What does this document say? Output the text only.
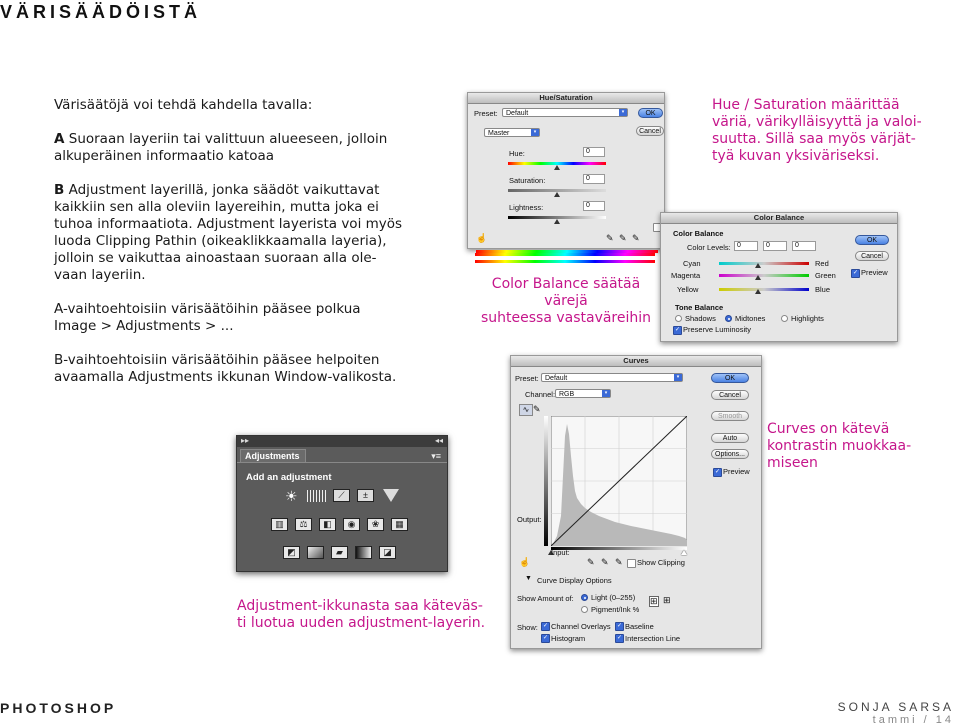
VÄRISÄÄDÖISTÄ
Värisäätöjä voi tehdä kahdella tavalla:
A Suoraan layeriin tai valittuun alueeseen, jolloin
alkuperäinen informaatio katoaa
B Adjustment layerillä, jonka säädöt vaikuttavat
kaikkiin sen alla oleviin layereihin, mutta joka ei
tuhoa informaatiota. Adjustment layerista voi myös
luoda Clipping Pathin (oikeaklikkaamalla layeria),
jolloin se vaikuttaa ainoastaan suoraan alla ole-
vaan layeriin.
A-vaihtoehtoisiin värisäätöihin pääsee polkua
Image > Adjustments > ...
B-vaihtoehtoisiin värisäätöihin pääsee helpoiten
avaamalla Adjustments ikkunan Window-valikosta.
Hue/Saturation
Preset:	Default	▾	OK
Cancel
Master	▾
Hue:	0
Saturation:	0
Lightness:	0
☝	✎ ✎ ✎
Hue / Saturation määrittää
väriä, värikylläisyyttä ja valoi-
suutta. Sillä saa myös värjät-
tyä kuvan yksiväriseksi.
Color Balance säätää värejä
suhteessa vastaväreihin
Color Balance
Color Balance
Color Levels: 0	0	0
Cyan	Red
Magenta	Green
Yellow	Blue
Tone Balance
Shadows	Midtones	Highlights
✓ Preserve Luminosity
OK
Cancel
✓ Preview
Curves
Preset: Default	▾
Channel: RGB	▾
∿ ✎
Output:
Input:
☝	✎ ✎ ✎ Show Clipping
▼ Curve Display Options
Show Amount of: Light (0–255)
Pigment/Ink %
⊞ ⊞
Show: ✓ Channel Overlays	✓ Baseline
✓ Histogram	✓ Intersection Line
OK
Cancel
Smooth
Auto
Options...
✓ Preview
Curves on kätevä
kontrastin muokkaa-
miseen
▸▸	◂◂
Adjustments	▾≡
Add an adjustment
☀	⟋	±
▥	⚖	◧	◉	❀	▦
◩	▰	◪
Adjustment-ikkunasta saa käteväs-
ti luotua uuden adjustment-layerin.
PHOTOSHOP	SONJA SARSA
tammi / 14
